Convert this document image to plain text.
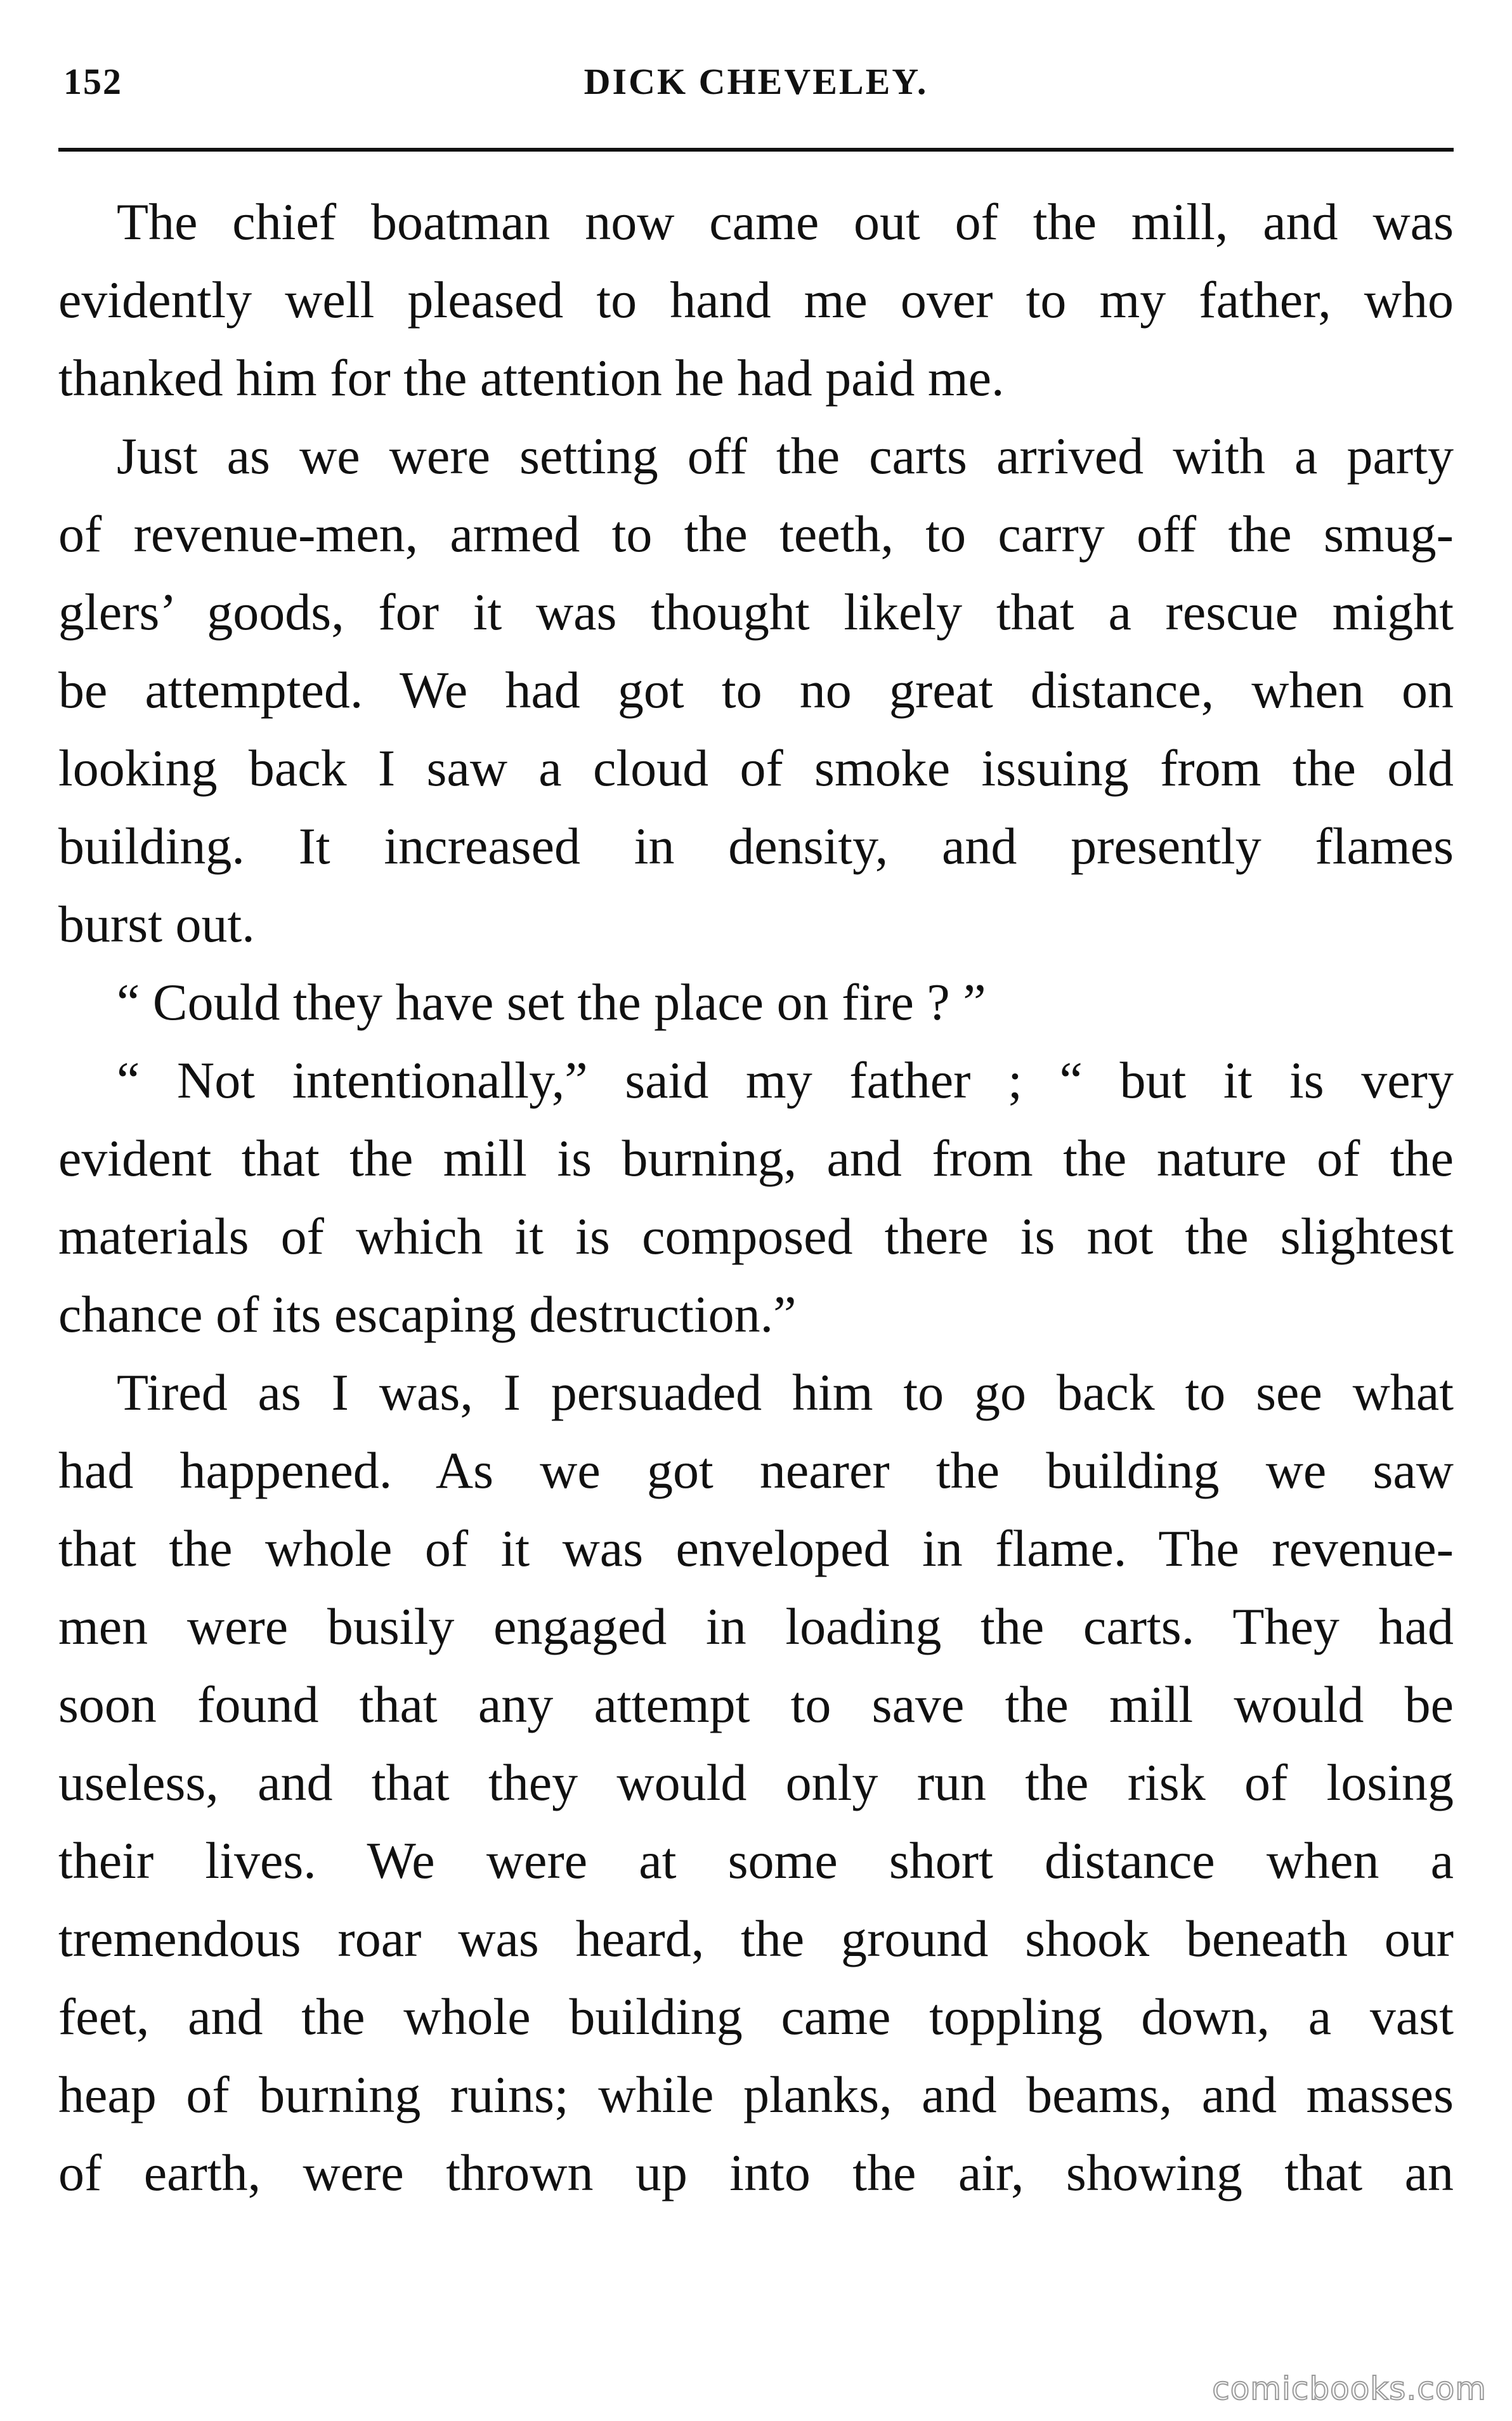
152	DICK CHEVELEY.
The chief boatman now came out of the mill, and was
evidently well pleased to hand me over to my father, who
thanked him for the attention he had paid me.
Just as we were setting off the carts arrived with a party
of revenue-men, armed to the teeth, to carry off the smug-
glers’ goods, for it was thought likely that a rescue might
be attempted. We had got to no great distance, when on
looking back I saw a cloud of smoke issuing from the old
building. It increased in density, and presently flames
burst out.
“ Could they have set the place on fire ? ”
“ Not intentionally,” said my father ; “ but it is very
evident that the mill is burning, and from the nature of the
materials of which it is composed there is not the slightest
chance of its escaping destruction.”
Tired as I was, I persuaded him to go back to see what
had happened. As we got nearer the building we saw
that the whole of it was enveloped in flame. The revenue-
men were busily engaged in loading the carts. They had
soon found that any attempt to save the mill would be
useless, and that they would only run the risk of losing
their lives. We were at some short distance when a
tremendous roar was heard, the ground shook beneath our
feet, and the whole building came toppling down, a vast
heap of burning ruins; while planks, and beams, and masses
of earth, were thrown up into the air, showing that an
comicbooks.com
